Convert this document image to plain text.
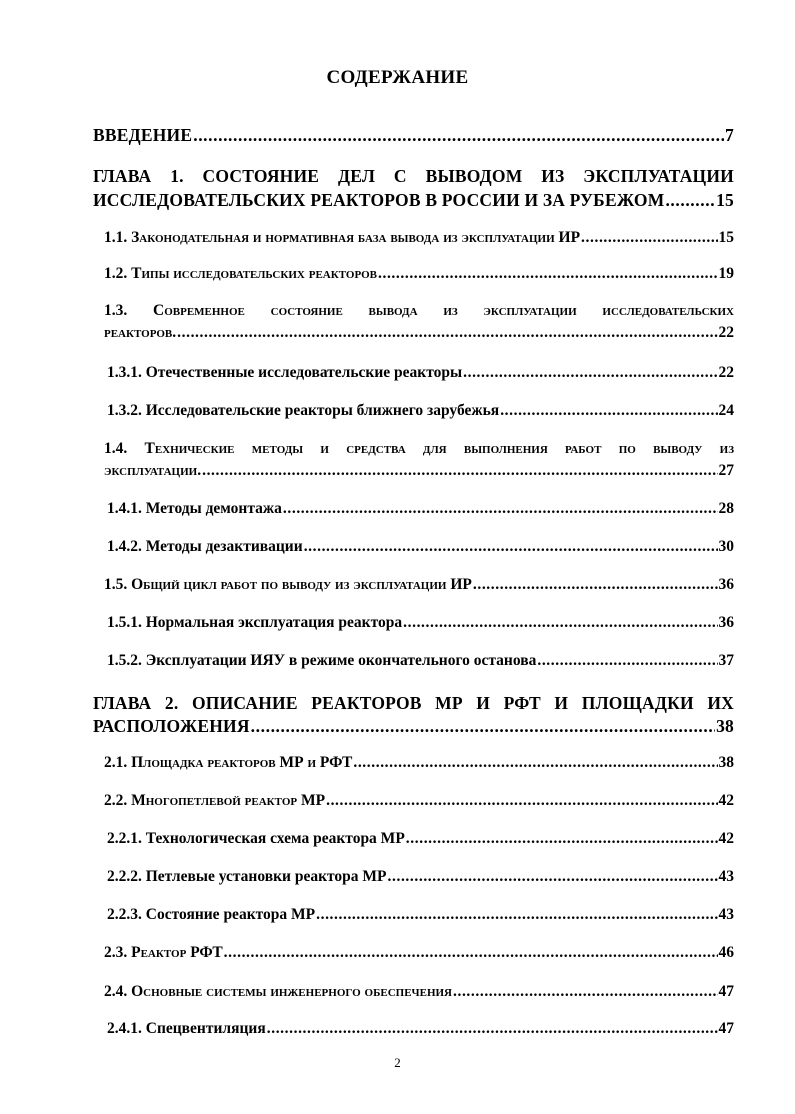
СОДЕРЖАНИЕ
ВВЕДЕНИЕ .....	7
ГЛАВА 1. СОСТОЯНИЕ ДЕЛ С ВЫВОДОМ ИЗ ЭКСПЛУАТАЦИИ
ИССЛЕДОВАТЕЛЬСКИХ РЕАКТОРОВ В РОССИИ И ЗА РУБЕЖОМ .....	15
1.1. Законодательная и нормативная база вывода из эксплуатации ИР .....	15
1.2. Типы исследовательских реакторов .....	19
1.3. Современное состояние вывода из эксплуатации исследовательских
реакторов. .....	22
1.3.1. Отечественные исследовательские реакторы .....	22
1.3.2. Исследовательские реакторы ближнего зарубежья .....	24
1.4. Технические методы и средства для выполнения работ по выводу из
эксплуатации. .....	27
1.4.1. Методы демонтажа .....	28
1.4.2. Методы дезактивации .....	30
1.5. Общий цикл работ по выводу из эксплуатации ИР .....	36
1.5.1. Нормальная эксплуатация реактора .....	36
1.5.2. Эксплуатации ИЯУ в режиме окончательного останова .....	37
ГЛАВА 2. ОПИСАНИЕ РЕАКТОРОВ МР И РФТ И ПЛОЩАДКИ ИХ
РАСПОЛОЖЕНИЯ .....	38
2.1. Площадка реакторов МР и РФТ .....	38
2.2. Многопетлевой реактор МР .....	42
2.2.1. Технологическая схема реактора МР .....	42
2.2.2. Петлевые установки реактора МР .....	43
2.2.3. Состояние реактора МР .....	43
2.3. Реактор РФТ .....	46
2.4. Основные системы инженерного обеспечения .....	47
2.4.1. Спецвентиляция .....	47
2
